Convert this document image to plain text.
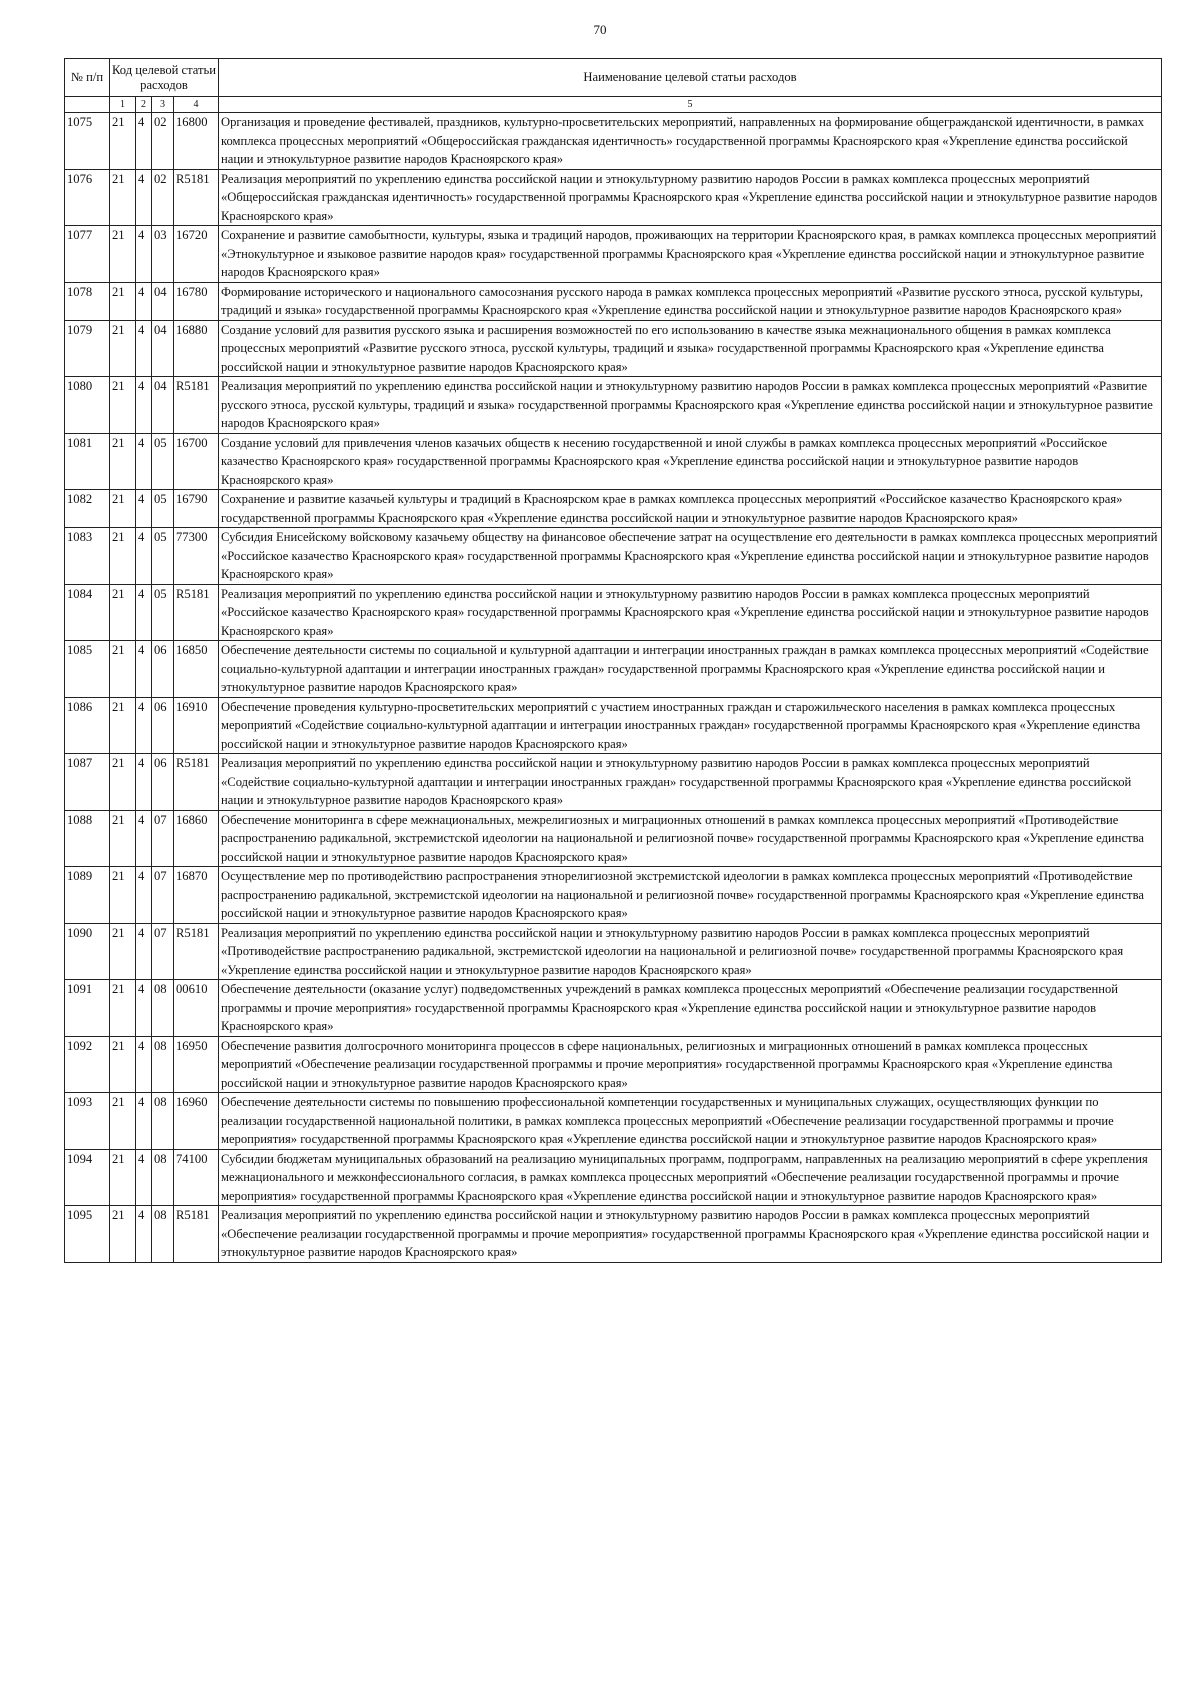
70
№ п/п	Код целевой статьи расходов				Наименование целевой статьи расходов
	1	2	3	4	5
1075	21	4	02	16800	Организация и проведение фестивалей, праздников, культурно-просветительских мероприятий, направленных на формирование общегражданской идентичности, в рамках комплекса процессных мероприятий «Общероссийская гражданская идентичность» государственной программы Красноярского края «Укрепление единства российской нации и этнокультурное развитие народов Красноярского края»
1076	21	4	02	R5181	Реализация мероприятий по укреплению единства российской нации и этнокультурному развитию народов России в рамках комплекса процессных мероприятий «Общероссийская гражданская идентичность» государственной программы Красноярского края «Укрепление единства российской нации и этнокультурное развитие народов Красноярского края»
1077	21	4	03	16720	Сохранение и развитие самобытности, культуры, языка и традиций народов, проживающих на территории Красноярского края, в рамках комплекса процессных мероприятий «Этнокультурное и языковое развитие народов края» государственной программы Красноярского края «Укрепление единства российской нации и этнокультурное развитие народов Красноярского края»
1078	21	4	04	16780	Формирование исторического и национального самосознания русского народа в рамках комплекса процессных мероприятий «Развитие русского этноса, русской культуры, традиций и языка» государственной программы Красноярского края «Укрепление единства российской нации и этнокультурное развитие народов Красноярского края»
1079	21	4	04	16880	Создание условий для развития русского языка и расширения возможностей по его использованию в качестве языка межнационального общения в рамках комплекса процессных мероприятий «Развитие русского этноса, русской культуры, традиций и языка» государственной программы Красноярского края «Укрепление единства российской нации и этнокультурное развитие народов Красноярского края»
1080	21	4	04	R5181	Реализация мероприятий по укреплению единства российской нации и этнокультурному развитию народов России в рамках комплекса процессных мероприятий «Развитие русского этноса, русской культуры, традиций и языка» государственной программы Красноярского края «Укрепление единства российской нации и этнокультурное развитие народов Красноярского края»
1081	21	4	05	16700	Создание условий для привлечения членов казачьих обществ к несению государственной и иной службы в рамках комплекса процессных мероприятий «Российское казачество Красноярского края» государственной программы Красноярского края «Укрепление единства российской нации и этнокультурное развитие народов Красноярского края»
1082	21	4	05	16790	Сохранение и развитие казачьей культуры и традиций в Красноярском крае в рамках комплекса процессных мероприятий «Российское казачество Красноярского края» государственной программы Красноярского края «Укрепление единства российской нации и этнокультурное развитие народов Красноярского края»
1083	21	4	05	77300	Субсидия Енисейскому войсковому казачьему обществу на финансовое обеспечение затрат на осуществление его деятельности в рамках комплекса процессных мероприятий «Российское казачество Красноярского края» государственной программы Красноярского края «Укрепление единства российской нации и этнокультурное развитие народов Красноярского края»
1084	21	4	05	R5181	Реализация мероприятий по укреплению единства российской нации и этнокультурному развитию народов России в рамках комплекса процессных мероприятий «Российское казачество Красноярского края» государственной программы Красноярского края «Укрепление единства российской нации и этнокультурное развитие народов Красноярского края»
1085	21	4	06	16850	Обеспечение деятельности системы по социальной и культурной адаптации и интеграции иностранных граждан в рамках комплекса процессных мероприятий «Содействие социально-культурной адаптации и интеграции иностранных граждан» государственной программы Красноярского края «Укрепление единства российской нации и этнокультурное развитие народов Красноярского края»
1086	21	4	06	16910	Обеспечение проведения культурно-просветительских мероприятий с участием иностранных граждан и старожильческого населения в рамках комплекса процессных мероприятий «Содействие социально-культурной адаптации и интеграции иностранных граждан» государственной программы Красноярского края «Укрепление единства российской нации и этнокультурное развитие народов Красноярского края»
1087	21	4	06	R5181	Реализация мероприятий по укреплению единства российской нации и этнокультурному развитию народов России в рамках комплекса процессных мероприятий «Содействие социально-культурной адаптации и интеграции иностранных граждан» государственной программы Красноярского края «Укрепление единства российской нации и этнокультурное развитие народов Красноярского края»
1088	21	4	07	16860	Обеспечение мониторинга в сфере межнациональных, межрелигиозных и миграционных отношений в рамках комплекса процессных мероприятий «Противодействие распространению радикальной, экстремистской идеологии на национальной и религиозной почве» государственной программы Красноярского края «Укрепление единства российской нации и этнокультурное развитие народов Красноярского края»
1089	21	4	07	16870	Осуществление мер по противодействию распространения этнорелигиозной экстремистской идеологии в рамках комплекса процессных мероприятий «Противодействие распространению радикальной, экстремистской идеологии на национальной и религиозной почве» государственной программы Красноярского края «Укрепление единства российской нации и этнокультурное развитие народов Красноярского края»
1090	21	4	07	R5181	Реализация мероприятий по укреплению единства российской нации и этнокультурному развитию народов России в рамках комплекса процессных мероприятий «Противодействие распространению радикальной, экстремистской идеологии на национальной и религиозной почве» государственной программы Красноярского края «Укрепление единства российской нации и этнокультурное развитие народов Красноярского края»
1091	21	4	08	00610	Обеспечение деятельности (оказание услуг) подведомственных учреждений в рамках комплекса процессных мероприятий «Обеспечение реализации государственной программы и прочие мероприятия» государственной программы Красноярского края «Укрепление единства российской нации и этнокультурное развитие народов Красноярского края»
1092	21	4	08	16950	Обеспечение развития долгосрочного мониторинга процессов в сфере национальных, религиозных и миграционных отношений в рамках комплекса процессных мероприятий «Обеспечение реализации государственной программы и прочие мероприятия» государственной программы Красноярского края «Укрепление единства российской нации и этнокультурное развитие народов Красноярского края»
1093	21	4	08	16960	Обеспечение деятельности системы по повышению профессиональной компетенции государственных и муниципальных служащих, осуществляющих функции по реализации государственной национальной политики, в рамках комплекса процессных мероприятий «Обеспечение реализации государственной программы и прочие мероприятия» государственной программы Красноярского края «Укрепление единства российской нации и этнокультурное развитие народов Красноярского края»
1094	21	4	08	74100	Субсидии бюджетам муниципальных образований на реализацию муниципальных программ, подпрограмм, направленных на реализацию мероприятий в сфере укрепления межнационального и межконфессионального согласия, в рамках комплекса процессных мероприятий «Обеспечение реализации государственной программы и прочие мероприятия» государственной программы Красноярского края «Укрепление единства российской нации и этнокультурное развитие народов Красноярского края»
1095	21	4	08	R5181	Реализация мероприятий по укреплению единства российской нации и этнокультурному развитию народов России в рамках комплекса процессных мероприятий «Обеспечение реализации государственной программы и прочие мероприятия» государственной программы Красноярского края «Укрепление единства российской нации и этнокультурное развитие народов Красноярского края»
